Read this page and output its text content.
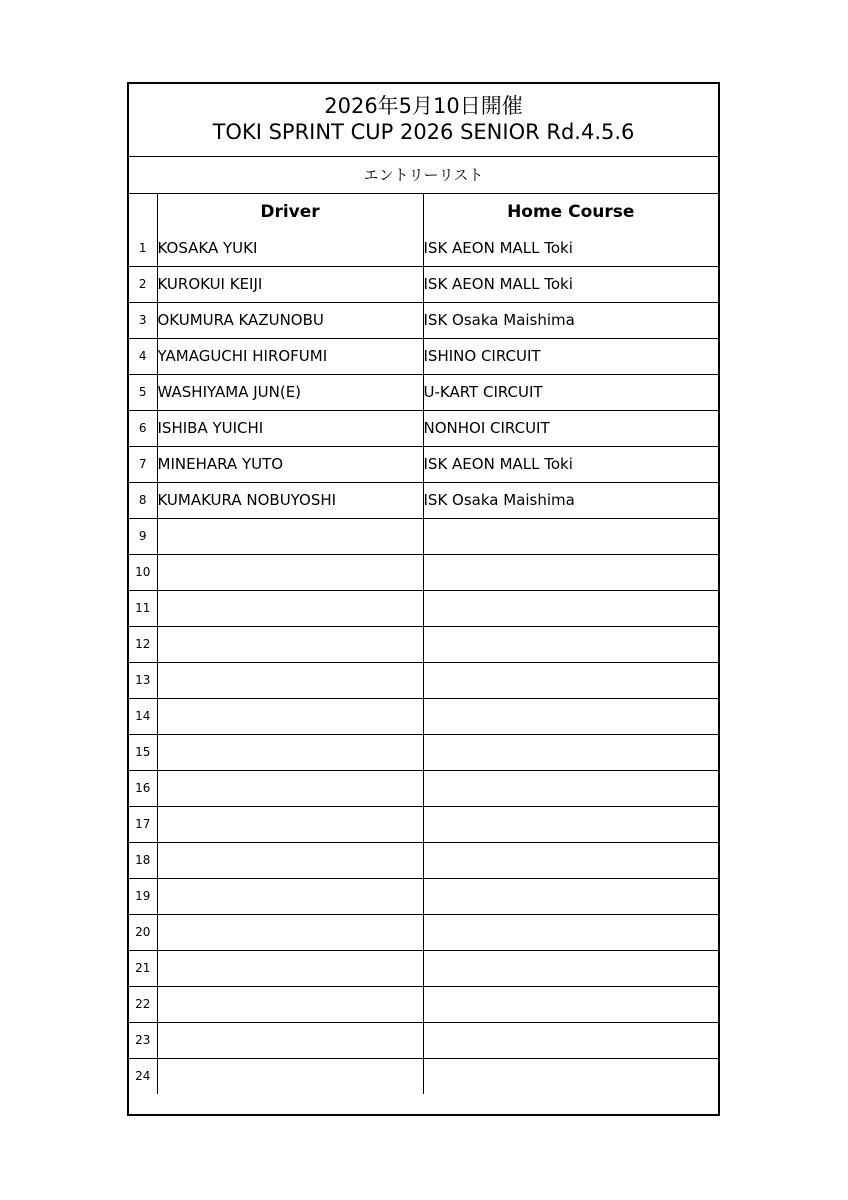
2026年5月10日開催
TOKI SPRINT CUP 2026 SENIOR Rd.4.5.6
エントリーリスト
	Driver	Home Course
1	KOSAKA YUKI	ISK AEON MALL Toki
2	KUROKUI KEIJI	ISK AEON MALL Toki
3	OKUMURA KAZUNOBU	ISK Osaka Maishima
4	YAMAGUCHI HIROFUMI	ISHINO CIRCUIT
5	WASHIYAMA JUN(E)	U-KART CIRCUIT
6	ISHIBA YUICHI	NONHOI CIRCUIT
7	MINEHARA YUTO	ISK AEON MALL Toki
8	KUMAKURA NOBUYOSHI	ISK Osaka Maishima
9		
10		
11		
12		
13		
14		
15		
16		
17		
18		
19		
20		
21		
22		
23		
24		
